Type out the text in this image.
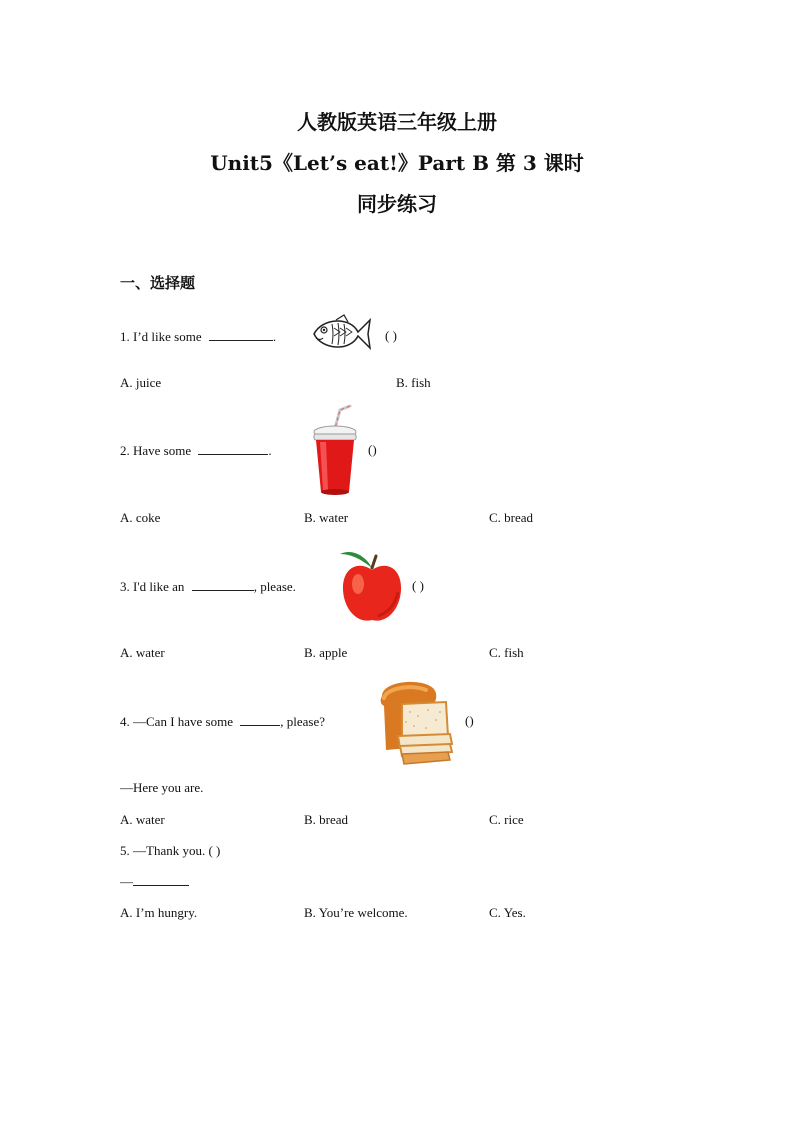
人教版英语三年级上册
Unit5《Let’s eat!》Part B 第 3 课时
同步练习
一、选择题
1. I’d like some	.	( )
A. juice	B. fish
2. Have some	.	()
A. coke	B. water	C. bread
3. I'd like an	, please.	( )
A. water	B. apple	C. fish
4. —Can I have some	, please?	()
—Here you are.
A. water	B. bread	C. rice
5. —Thank you. ( )
—
A. I’m hungry.	B. You’re welcome.	C. Yes.
